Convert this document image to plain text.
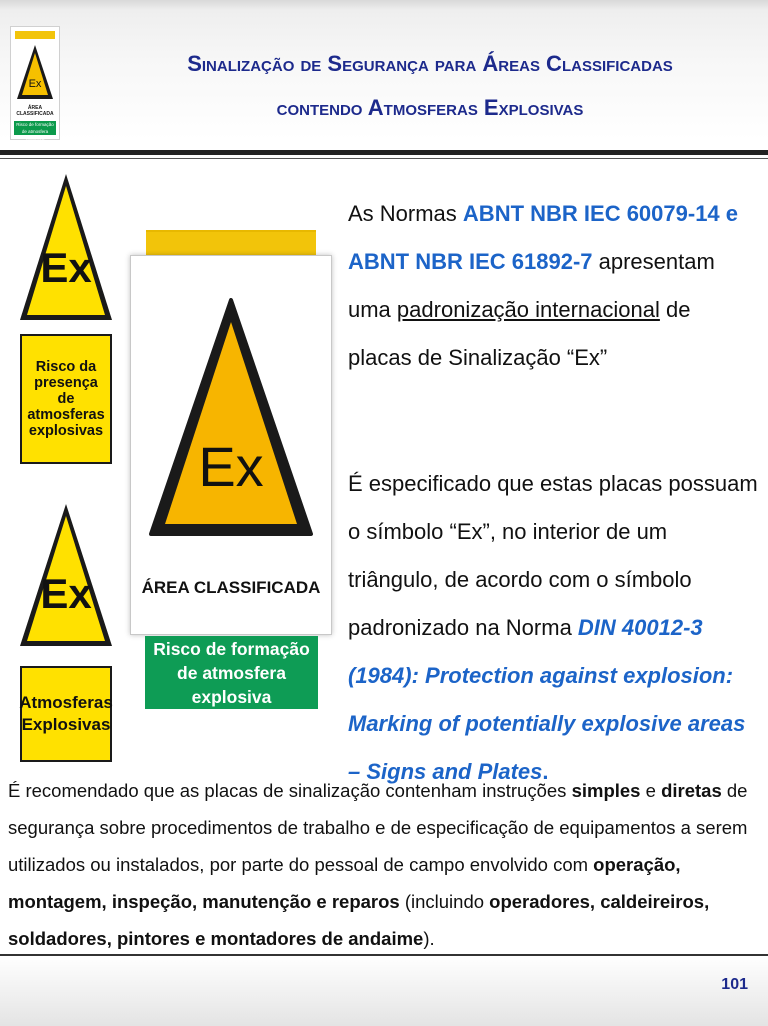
Ex
ÁREA CLASSIFICADA
Risco de formação de atmosfera explosiva
Sinalização de Segurança para Áreas Classificadas
contendo Atmosferas Explosivas
Ex
Risco da presença de atmosferas explosivas
Ex
Atmosferas Explosivas
Ex
ÁREA CLASSIFICADA
Risco de formação de atmosfera explosiva
As Normas ABNT NBR IEC 60079-14 e ABNT NBR IEC 61892-7 apresentam uma padronização internacional de placas de Sinalização “Ex”
É especificado que estas placas possuam o símbolo “Ex”, no interior de um triângulo, de acordo com o símbolo padronizado na Norma DIN 40012-3 (1984): Protection against explosion: Marking of potentially explosive areas – Signs and Plates.
É recomendado que as placas de sinalização contenham instruções simples e diretas de segurança sobre procedimentos de trabalho e de especificação de equipamentos a serem utilizados ou instalados, por parte do pessoal de campo envolvido com operação, montagem, inspeção, manutenção e reparos (incluindo operadores, caldeireiros, soldadores, pintores e montadores de andaime).
101
